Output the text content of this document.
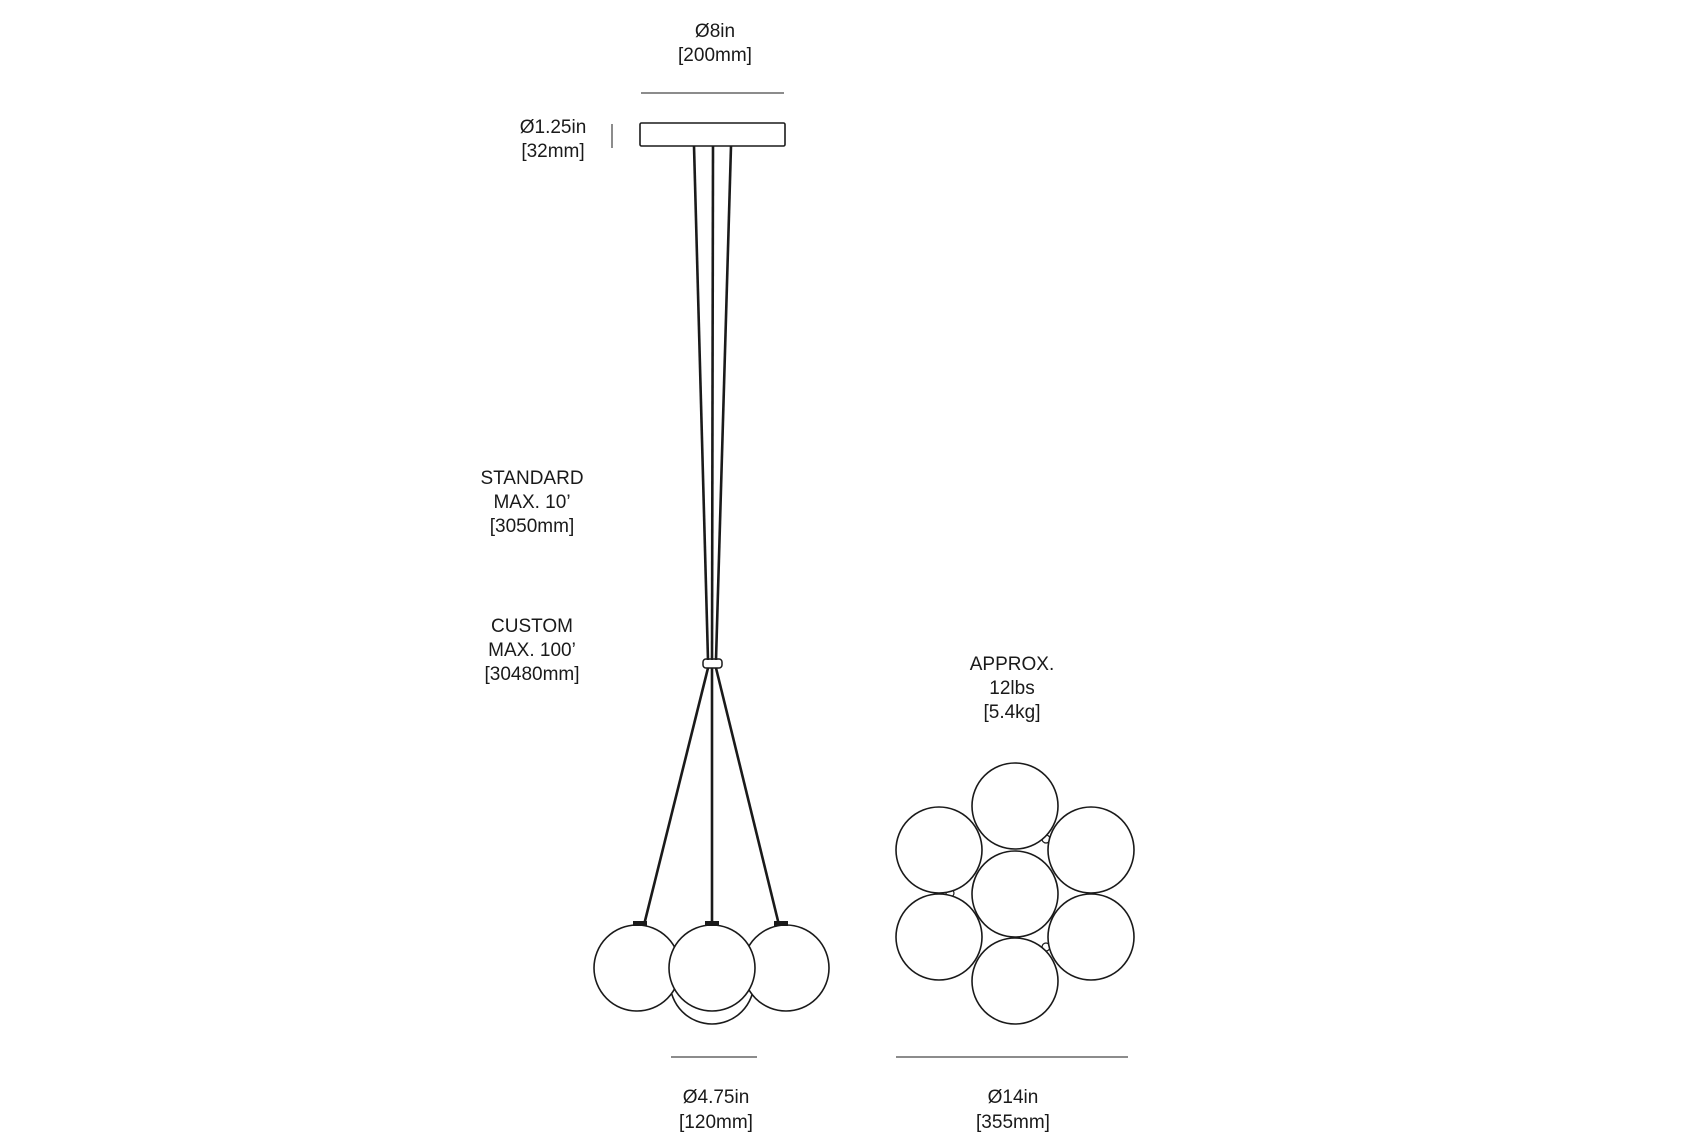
Ø8in
[200mm]
Ø1.25in
[32mm]
Ø4.75in
[120mm]
STANDARD
MAX. 10’
[3050mm]
CUSTOM
MAX. 100’
[30480mm]	APPROX.
12lbs
[5.4kg]
Ø14in
[355mm]
